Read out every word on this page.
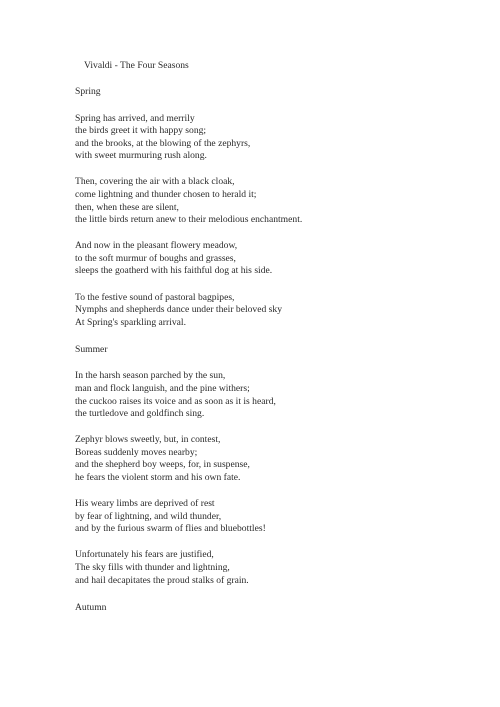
Vivaldi - The Four Seasons

Spring

Spring has arrived, and merrily
the birds greet it with happy song;
and the brooks, at the blowing of the zephyrs,
with sweet murmuring rush along.

Then, covering the air with a black cloak,
come lightning and thunder chosen to herald it;
then, when these are silent,
the little birds return anew to their melodious enchantment.

And now in the pleasant flowery meadow,
to the soft murmur of boughs and grasses,
sleeps the goatherd with his faithful dog at his side.

To the festive sound of pastoral bagpipes,
Nymphs and shepherds dance under their beloved sky
At Spring's sparkling arrival.

Summer

In the harsh season parched by the sun,
man and flock languish, and the pine withers;
the cuckoo raises its voice and as soon as it is heard,
the turtledove and goldfinch sing.

Zephyr blows sweetly, but, in contest,
Boreas suddenly moves nearby;
and the shepherd boy weeps, for, in suspense,
he fears the violent storm and his own fate.

His weary limbs are deprived of rest
by fear of lightning, and wild thunder,
and by the furious swarm of flies and bluebottles!

Unfortunately his fears are justified,
The sky fills with thunder and lightning,
and hail decapitates the proud stalks of grain.

Autumn
